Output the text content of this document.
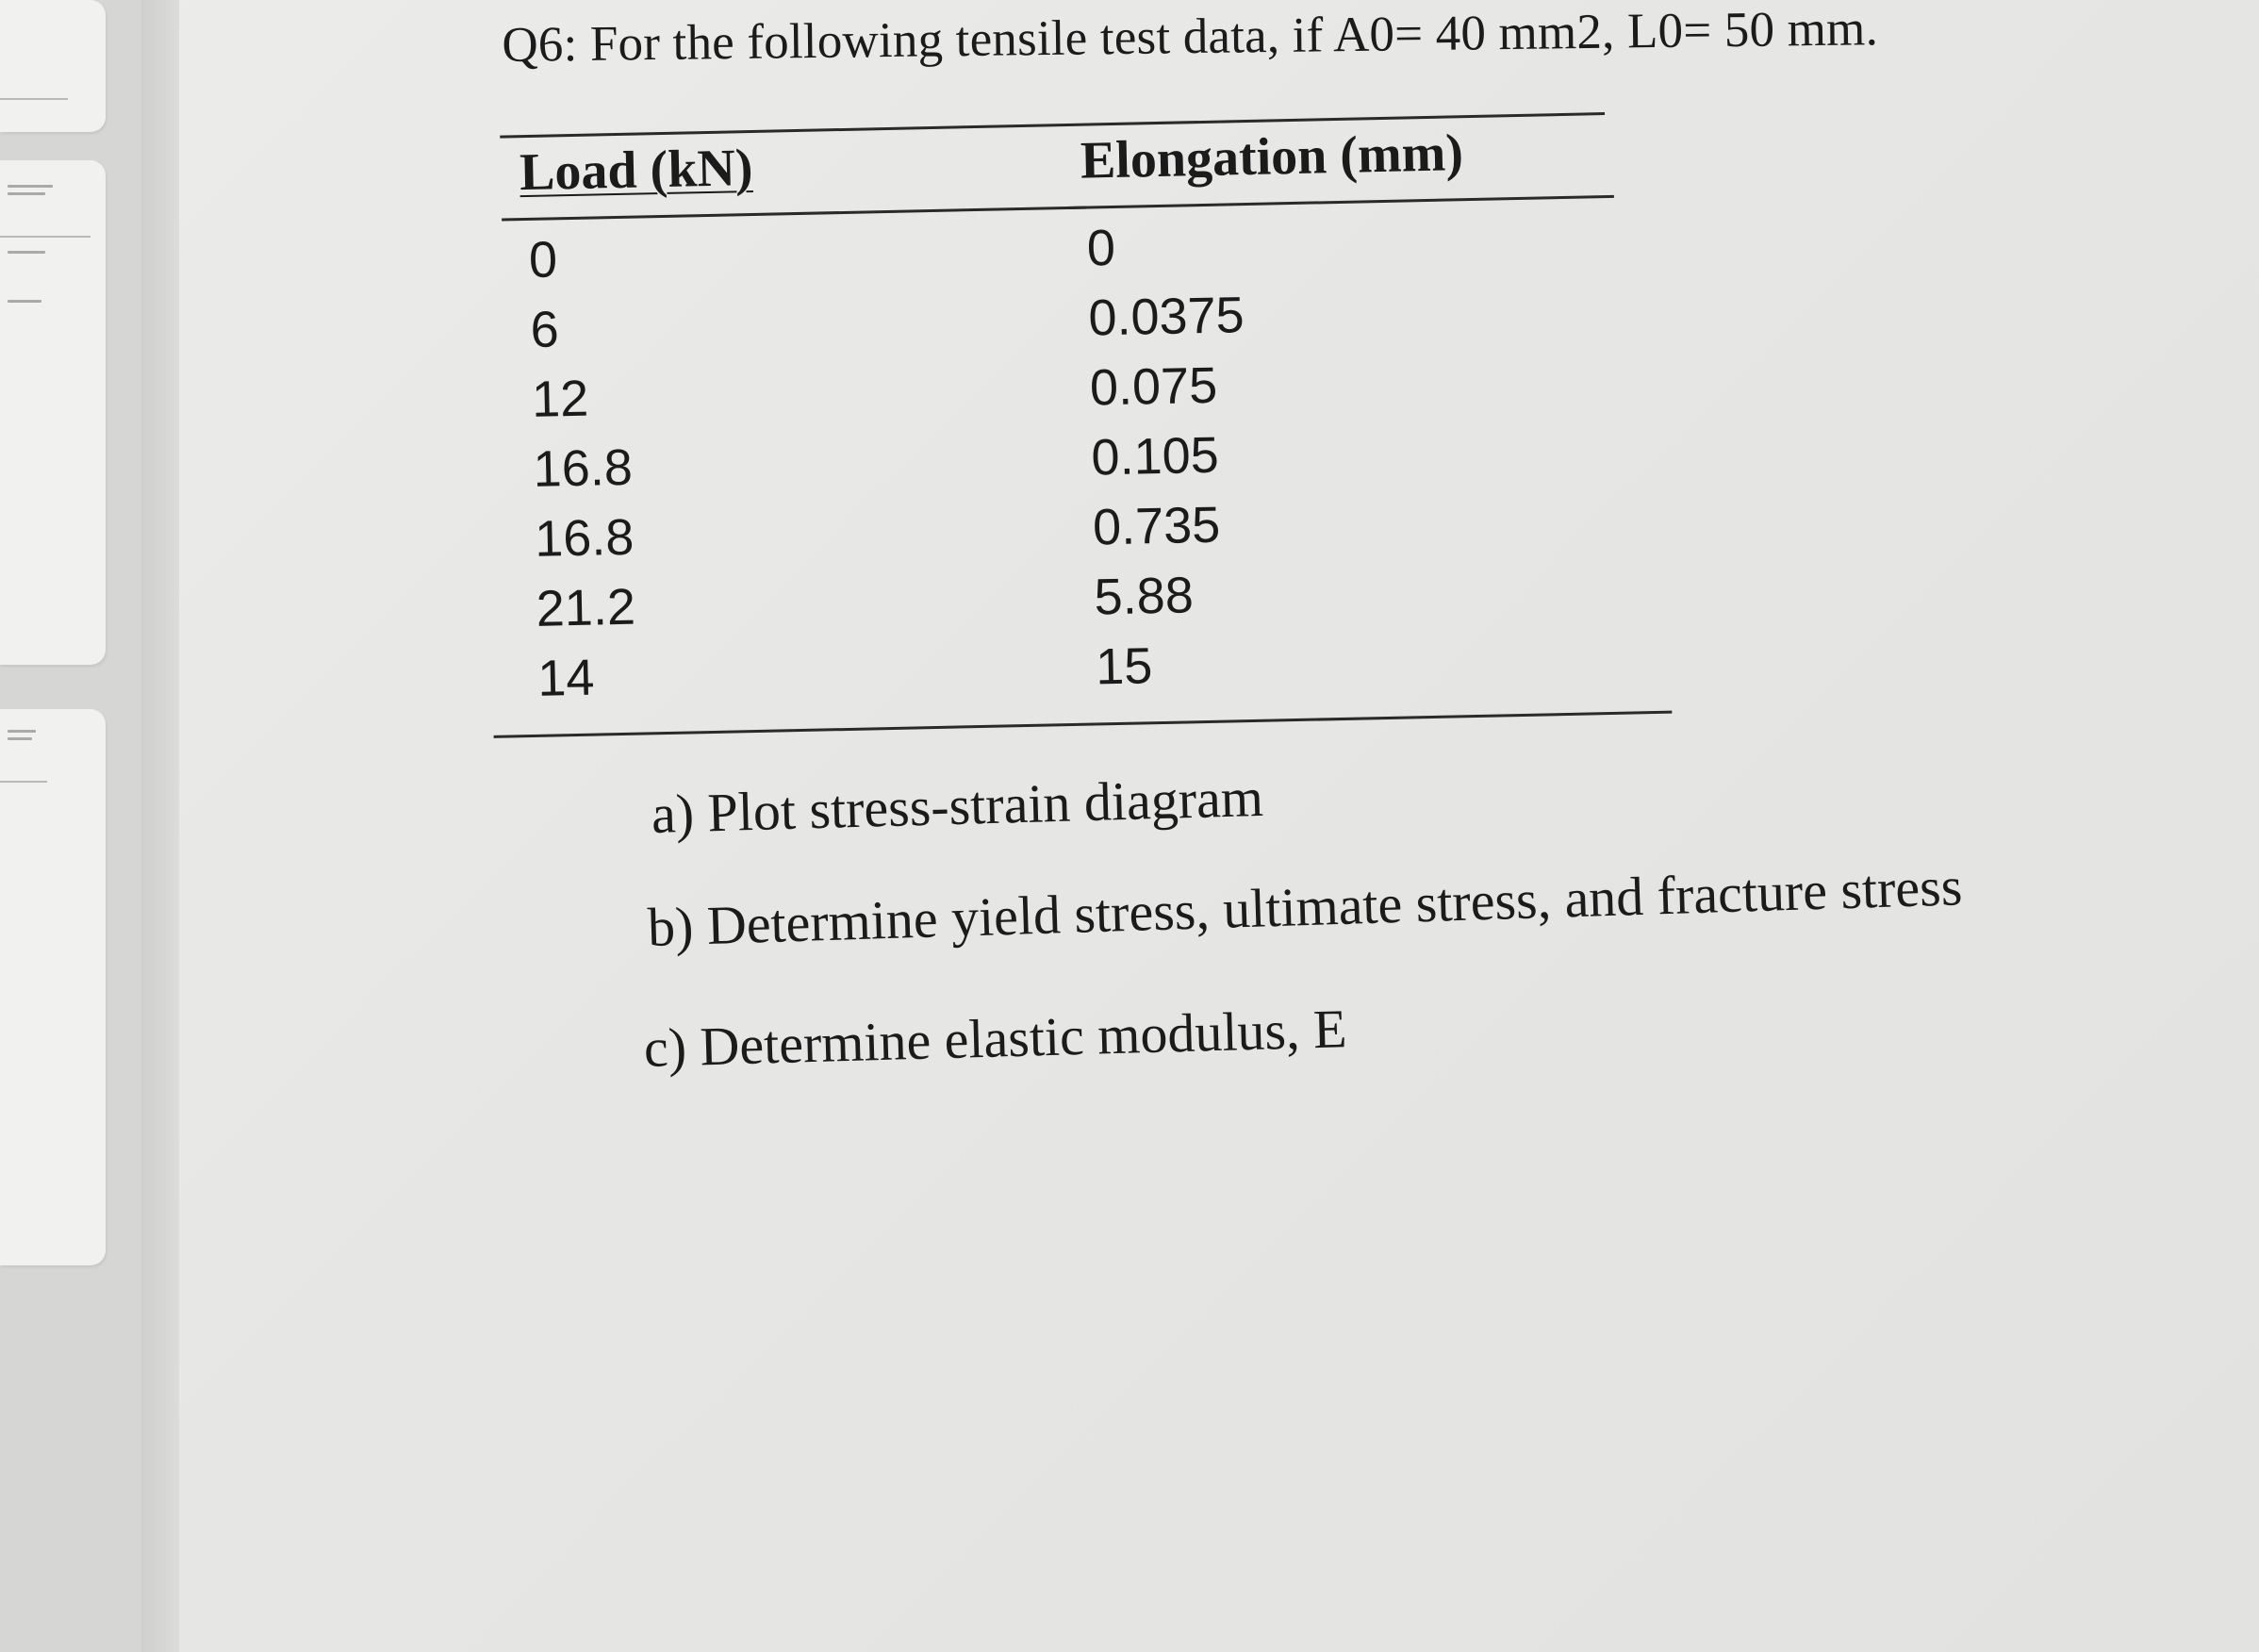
Q6: For the following tensile test data, if A0= 40 mm2, L0= 50 mm.
Load (kN)	Elongation (mm)
0	0
6	0.0375
12	0.075
16.8	0.105
16.8	0.735
21.2	5.88
14	15
a) Plot stress-strain diagram
b) Determine yield stress, ultimate stress, and fracture stress
c) Determine elastic modulus, E
